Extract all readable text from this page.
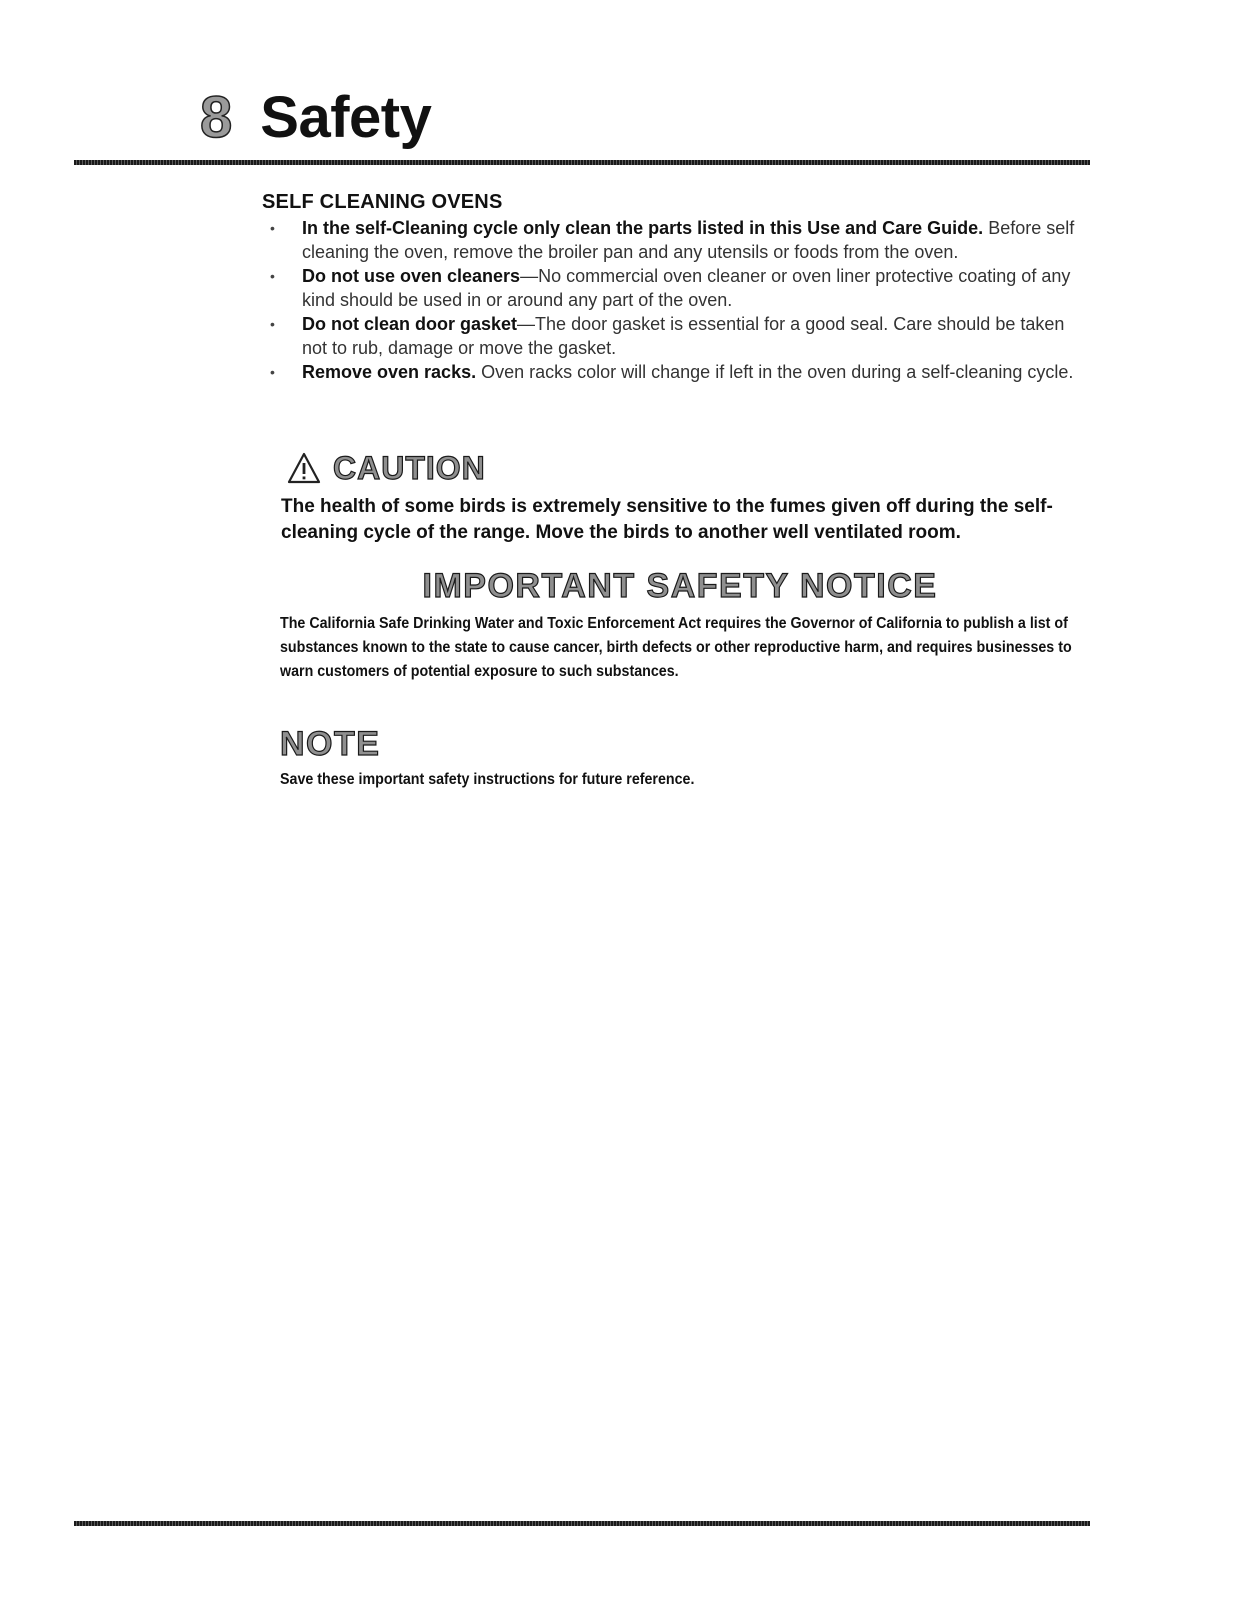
8 Safety
SELF CLEANING OVENS
• In the self-Cleaning cycle only clean the parts listed in this Use and Care Guide. Before self cleaning the oven, remove the broiler pan and any utensils or foods from the oven.
• Do not use oven cleaners—No commercial oven cleaner or oven liner protective coating of any kind should be used in or around any part of the oven.
• Do not clean door gasket—The door gasket is essential for a good seal. Care should be taken not to rub, damage or move the gasket.
• Remove oven racks. Oven racks color will change if left in the oven during a self-cleaning cycle.
CAUTION
The health of some birds is extremely sensitive to the fumes given off during the self-cleaning cycle of the range. Move the birds to another well ventilated room.
IMPORTANT SAFETY NOTICE
The California Safe Drinking Water and Toxic Enforcement Act requires the Governor of California to publish a list of substances known to the state to cause cancer, birth defects or other reproductive harm, and requires businesses to warn customers of potential exposure to such substances.
NOTE
Save these important safety instructions for future reference.
